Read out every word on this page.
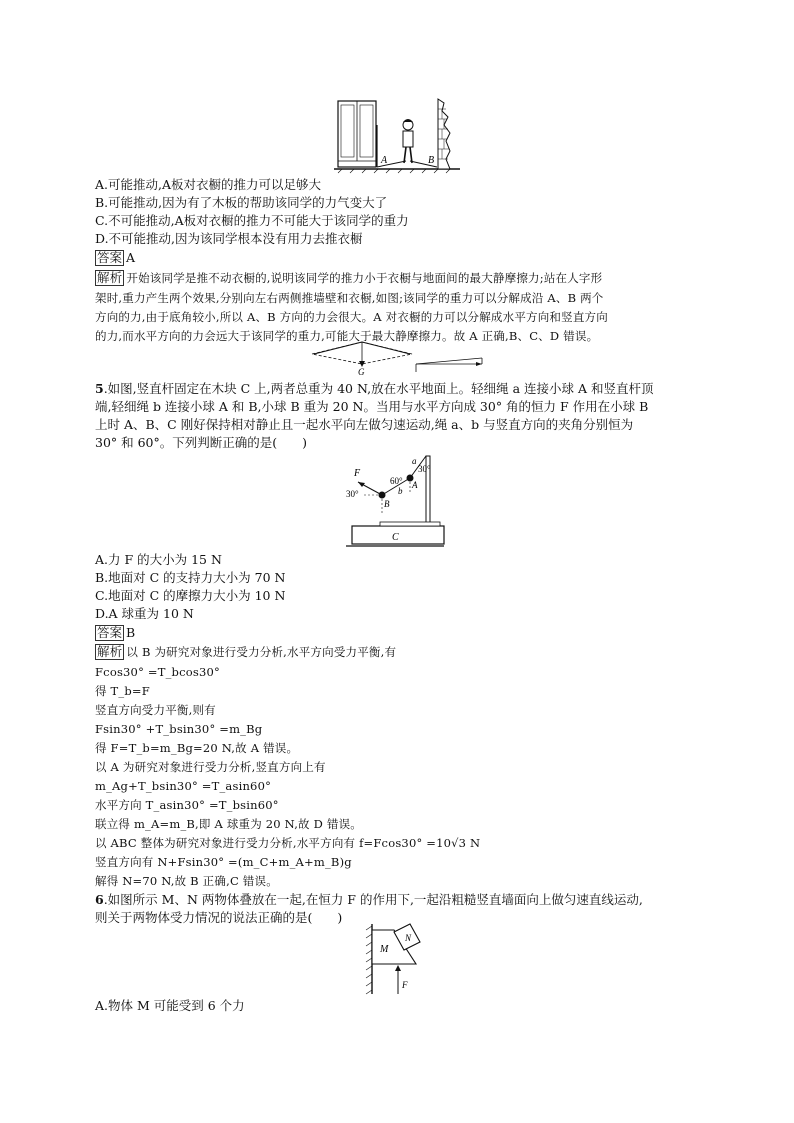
A	B
A.可能推动,A板对衣橱的推力可以足够大
B.可能推动,因为有了木板的帮助该同学的力气变大了
C.不可能推动,A板对衣橱的推力不可能大于该同学的重力
D.不可能推动,因为该同学根本没有用力去推衣橱
答案 A
解析 开始该同学是推不动衣橱的,说明该同学的推力小于衣橱与地面间的最大静摩擦力;站在人字形
架时,重力产生两个效果,分别向左右两侧推墙壁和衣橱,如图;该同学的重力可以分解成沿 A、B 两个
方向的力,由于底角较小,所以 A、B 方向的力会很大。A 对衣橱的力可以分解成水平方向和竖直方向
的力,而水平方向的力会远大于该同学的重力,可能大于最大静摩擦力。故 A 正确,B、C、D 错误。
G
5.如图,竖直杆固定在木块 C 上,两者总重为 40 N,放在水平地面上。轻细绳 a 连接小球 A 和竖直杆顶
端,轻细绳 b 连接小球 A 和 B,小球 B 重为 20 N。当用与水平方向成 30° 角的恒力 F 作用在小球 B
上时 A、B、C 刚好保持相对静止且一起水平向左做匀速运动,绳 a、b 与竖直方向的夹角分别恒为
30° 和 60°。下列判断正确的是(　　)
F
30°
60°
30°
a
b
A
B
C
A.力 F 的大小为 15 N
B.地面对 C 的支持力大小为 70 N
C.地面对 C 的摩擦力大小为 10 N
D.A 球重为 10 N
答案 B
解析 以 B 为研究对象进行受力分析,水平方向受力平衡,有
Fcos30° =T_bcos30°
得 T_b=F
竖直方向受力平衡,则有
Fsin30° +T_bsin30° =m_Bg
得 F=T_b=m_Bg=20 N,故 A 错误。
以 A 为研究对象进行受力分析,竖直方向上有
m_Ag+T_bsin30° =T_asin60°
水平方向 T_asin30° =T_bsin60°
联立得 m_A=m_B,即 A 球重为 20 N,故 D 错误。
以 ABC 整体为研究对象进行受力分析,水平方向有 f=Fcos30° =10√3 N
竖直方向有 N+Fsin30° =(m_C+m_A+m_B)g
解得 N=70 N,故 B 正确,C 错误。
6.如图所示 M、N 两物体叠放在一起,在恒力 F 的作用下,一起沿粗糙竖直墙面向上做匀速直线运动,
则关于两物体受力情况的说法正确的是(　　)
M
N
F
A.物体 M 可能受到 6 个力
